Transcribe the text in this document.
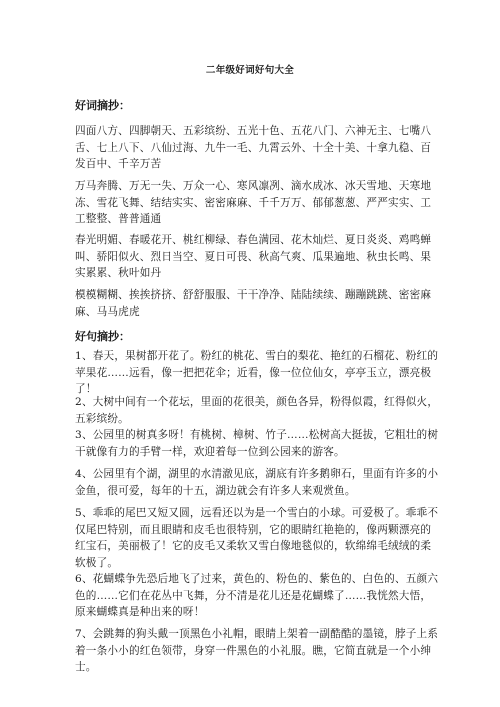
二年级好词好句大全
好词摘抄：
四面八方、四脚朝天、五彩缤纷、五光十色、五花八门、六神无主、七嘴八舌、七上八下、八仙过海、九牛一毛、九霄云外、十全十美、十拿九稳、百发百中、千辛万苦
万马奔腾、万无一失、万众一心、寒风凛冽、滴水成冰、冰天雪地、天寒地冻、雪花飞舞、结结实实、密密麻麻、千千万万、郁郁葱葱、严严实实、工工整整、普普通通
春光明媚、春暖花开、桃红柳绿、春色满园、花木灿烂、夏日炎炎、鸡鸣蝉叫、骄阳似火、烈日当空、夏日可畏、秋高气爽、瓜果遍地、秋虫长鸣、果实累累、秋叶如丹
模模糊糊、挨挨挤挤、舒舒服服、干干净净、陆陆续续、蹦蹦跳跳、密密麻麻、马马虎虎
好句摘抄：
1、春天，果树都开花了。粉红的桃花、雪白的梨花、艳红的石榴花、粉红的苹果花……远看，像一把把花伞；近看，像一位位仙女，亭亭玉立，漂亮极了！
2、大树中间有一个花坛，里面的花很美，颜色各异，粉得似霞，红得似火，五彩缤纷。
3、公园里的树真多呀！有桃树、樟树、竹子……松树高大挺拔，它粗壮的树干就像有力的手臂一样，欢迎着每一位到公园来的游客。
4、公园里有个湖，湖里的水清澈见底，湖底有许多鹅卵石，里面有许多的小金鱼，很可爱，每年的十五，湖边就会有许多人来观赏鱼。
5、乖乖的尾巴又短又圆，远看还以为是一个雪白的小球。可爱极了。乖乖不仅尾巴特别，而且眼睛和皮毛也很特别，它的眼睛红艳艳的，像两颗漂亮的红宝石，美丽极了！它的皮毛又柔软又雪白像地毯似的，软绵绵毛绒绒的柔软极了。
6、花蝴蝶争先恐后地飞了过来，黄色的、粉色的、紫色的、白色的、五颜六色的……它们在花丛中飞舞，分不清是花儿还是花蝴蝶了……我恍然大悟，原来蝴蝶真是种出来的呀！
7、会跳舞的狗头戴一顶黑色小礼帽，眼睛上架着一副酷酷的墨镜，脖子上系着一条小小的红色领带，身穿一件黑色的小礼服。瞧，它简直就是一个小绅士。
